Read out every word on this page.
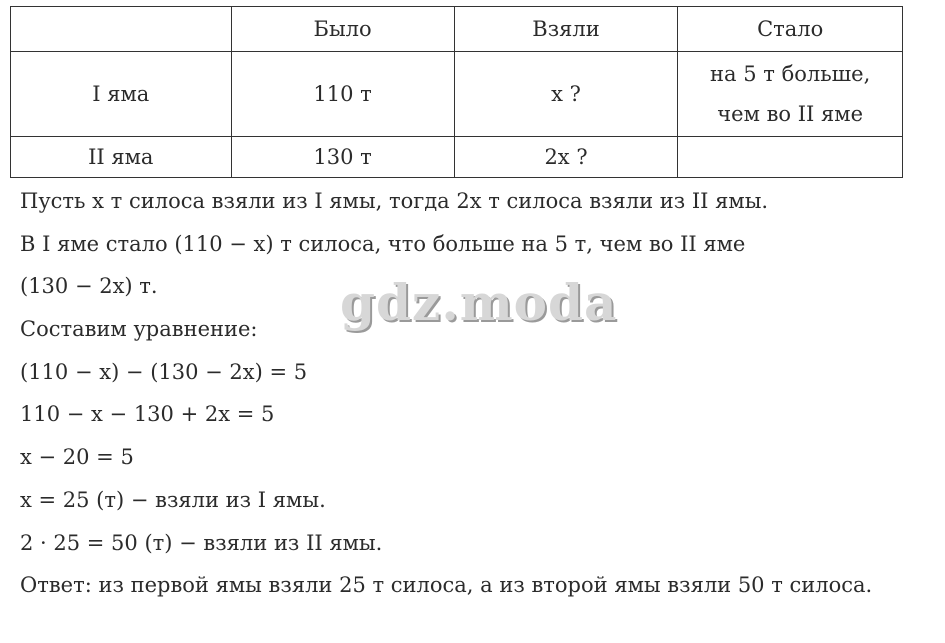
	Было	Взяли	Стало
I яма	110 т	x ?	на 5 т больше,
чем во II яме

II яма	130 т	2x ?	
Пусть x т силоса взяли из I ямы, тогда 2x т силоса взяли из II ямы.
В I яме стало (110 − x) т силоса, что больше на 5 т, чем во II яме
(130 − 2x) т.
Составим уравнение:
(110 − x) − (130 − 2x) = 5
110 − x − 130 + 2x = 5
x − 20 = 5
x = 25 (т) − взяли из I ямы.
2 · 25 = 50 (т) − взяли из II ямы.
Ответ: из первой ямы взяли 25 т силоса, а из второй ямы взяли 50 т силоса.
gdz.moda
